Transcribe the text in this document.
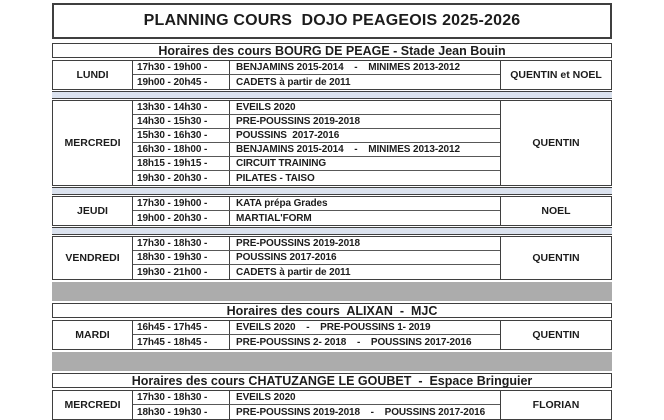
PLANNING COURS  DOJO PEAGEOIS 2025-2026
Horaires des cours BOURG DE PEAGE - Stade Jean Bouin
LUNDI
17h30 - 19h00 -	BENJAMINS 2015-2014    -    MINIMES 2013-2012
19h00 - 20h45 -	CADETS à partir de 2011
QUENTIN et NOEL
MERCREDI
13h30 - 14h30 -	EVEILS 2020
14h30 - 15h30 -	PRE-POUSSINS 2019-2018
15h30 - 16h30 -	POUSSINS  2017-2016
16h30 - 18h00 -	BENJAMINS 2015-2014    -    MINIMES 2013-2012
18h15 - 19h15 -	CIRCUIT TRAINING
19h30 - 20h30 -	PILATES - TAISO
QUENTIN
JEUDI
17h30 - 19h00 -	KATA prépa Grades
19h00 - 20h30 -	MARTIAL'FORM
NOEL
VENDREDI
17h30 - 18h30 -	PRE-POUSSINS 2019-2018
18h30 - 19h30 -	POUSSINS 2017-2016
19h30 - 21h00 -	CADETS à partir de 2011
QUENTIN
Horaires des cours  ALIXAN  -  MJC
MARDI
16h45 - 17h45 -	EVEILS 2020    -    PRE-POUSSINS 1- 2019
17h45 - 18h45 -	PRE-POUSSINS 2- 2018    -    POUSSINS 2017-2016
QUENTIN
Horaires des cours CHATUZANGE LE GOUBET  -  Espace Bringuier
MERCREDI
17h30 - 18h30 -	EVEILS 2020
18h30 - 19h30 -	PRE-POUSSINS 2019-2018    -    POUSSINS 2017-2016
FLORIAN
